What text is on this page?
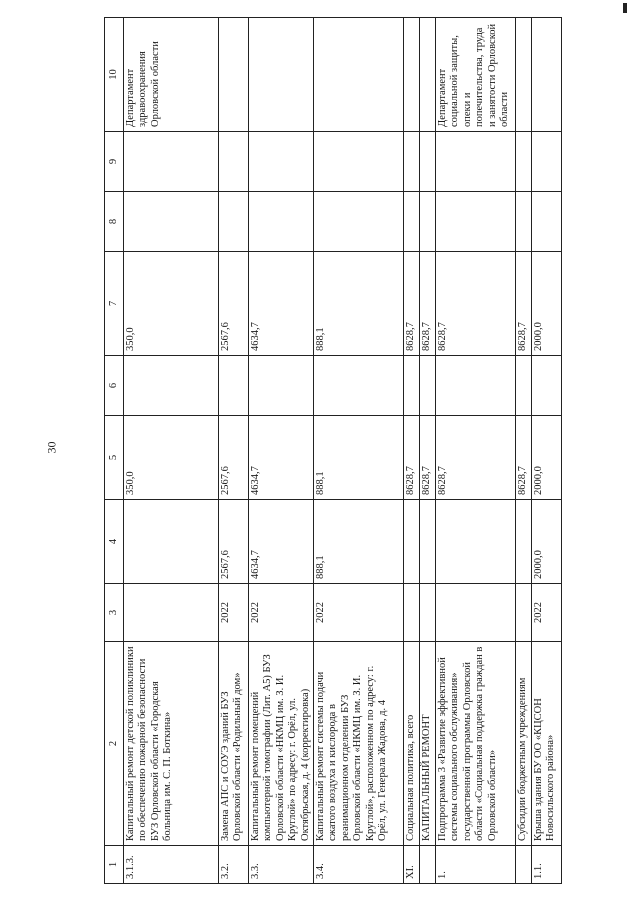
30
1	2	3	4	5	6	7	8	9	10
3.1.3.	Капитальный ремонт детской поликлиники по обеспечению пожарной безопасности БУЗ Орловской области «Городская больница им. С. П. Боткина»			350,0		350,0			Департамент здравоохранения Орловской области
3.2.	Замена АПС и СОУЭ зданий БУЗ Орловской области «Родильный дом»	2022	2567,6	2567,6		2567,6			
3.3.	Капитальный ремонт помещений компьютерной томографии (Лит. А5) БУЗ Орловской области «НКМЦ им. З. И. Круглой» по адресу: г. Орёл, ул. Октябрьская, д. 4 (корректировка)	2022	4634,7	4634,7		4634,7			
3.4.	Капитальный ремонт системы подачи сжатого воздуха и кислорода в реанимационном отделении БУЗ Орловской области «НКМЦ им. З. И. Круглой», расположенном по адресу: г. Орёл, ул. Генерала Жадова, д. 4	2022	888,1	888,1		888,1			
XI.	Социальная политика, всего			8628,7		8628,7			
	КАПИТАЛЬНЫЙ РЕМОНТ			8628,7		8628,7			
1.	Подпрограмма 3 «Развитие эффективной системы социального обслуживания» государственной программы Орловской области «Социальная поддержка граждан в Орловской области»			8628,7		8628,7			Департамент социальной защиты, опеки и попечительства, труда и занятости Орловской области
	Субсидии бюджетным учреждениям			8628,7		8628,7			
1.1.	Крыша здания БУ ОО «КЦСОН Новосильского района»	2022	2000,0	2000,0		2000,0			
